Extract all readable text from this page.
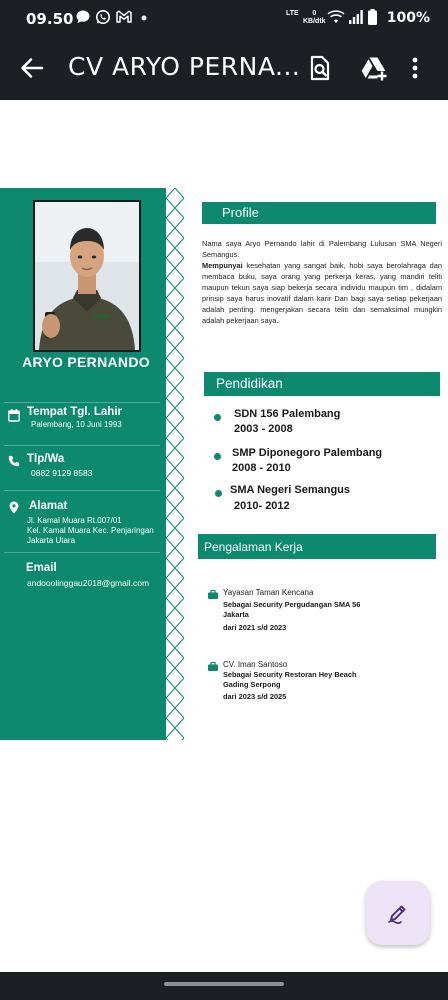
09.50	LTE	0
KB/dtk	100%
CV ARYO PERNA...
ARYO PERNANDO
Tempat Tgl. Lahir
Palembang, 10 Juni 1993
Tlp/Wa
0882 9129 8583
Alamat
Jl. Kamal Muara Rt.007/01
Kel. Kamal Muara Kec. Penjaringan
Jakarta Utara
Email
andooolinggau2018@gmail.com
Profile

Nama saya Aryo Pernando lahir di Palembang Lulusan SMA Negeri Semangus.

Mempunyai kesehatan yang sangat baik, hobi saya berolahraga dan membaca buku, saya orang yang perkerja keras, yang mandiri teliti maupun tekun saya siap bekerja secara individu maupun tim , didalam prinsip saya harus inovatif dalam karir Dan bagi saya setiap pekerjaan adalah penting. mengerjakan secara teliti dan semaksimal mungkin adalah pekerjaan saya.

Pendidikan
SDN 156 Palembang
2003 - 2008
SMP Diponegoro Palembang
2008 - 2010
SMA Negeri Semangus
2010- 2012
Pengalaman Kerja
Yayasan Taman Kencana
Sebagai Security Pergudangan SMA 56
Jakarta
dari 2021 s/d 2023
CV. Iman Santoso
Sebagai Security Restoran Hey Beach
Gading Serpong
dari 2023 s/d 2025
